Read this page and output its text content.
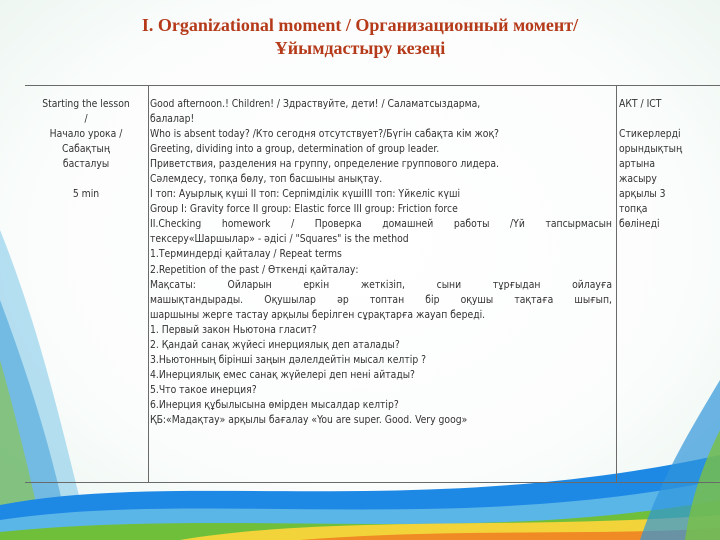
I. Organizational moment / Организационный момент/
Ұйымдастыру кезеңі
Starting the lesson
/
Начало урока /
Сабақтың
басталуы
5 min
Good afternoon.! Children! / Здраствуйте, дети! / Саламатсыздарма,
балалар!
Who is absent today? /Кто сегодня отсутствует?/Бүгін сабақта кім жоқ?
Greeting, dividing into a group, determination of group leader.
Приветствия, разделения на группу, определение группового лидера.
Сәлемдесу, топқа бөлу, топ басшыны анықтау.
I топ: Ауырлық күші II топ: Серпімділік күшіIII топ: Үйкеліс күші
Group I: Gravity force II group: Elastic force III group: Friction force
II.Checking homework / Проверка домашней работы /Үй тапсырмасын
тексеру«Шаршылар» - әдісі / "Squares" is the method
1.Терминдерді қайталау / Repeat terms
2.Repetition of the past / Өткенді қайталау:
Мақсаты: Ойларын еркін жеткізіп, сыни тұрғыдан ойлауға
машықтандырады. Оқушылар әр топтан бір оқушы тақтаға шығып,
шаршыны жерге тастау арқылы берілген сұрақтарға жауап береді.
1. Первый закон Ньютона гласит?
2. Қандай санақ жүйесі инерциялық деп аталады?
3.Ньютонның бірінші заңын дәлелдейтін мысал келтір ?
4.Инерциялық емес санақ жүйелері деп нені айтады?
5.Что такое инерция?
6.Инерция құбылысына өмірден мысалдар келтір?
ҚБ:«Мадақтау» арқылы бағалау «You are super. Good. Very goog»
АКТ / ICT
Стикерлерді
орындықтың
артына
жасыру
арқылы 3
топқа
бөлінеді
